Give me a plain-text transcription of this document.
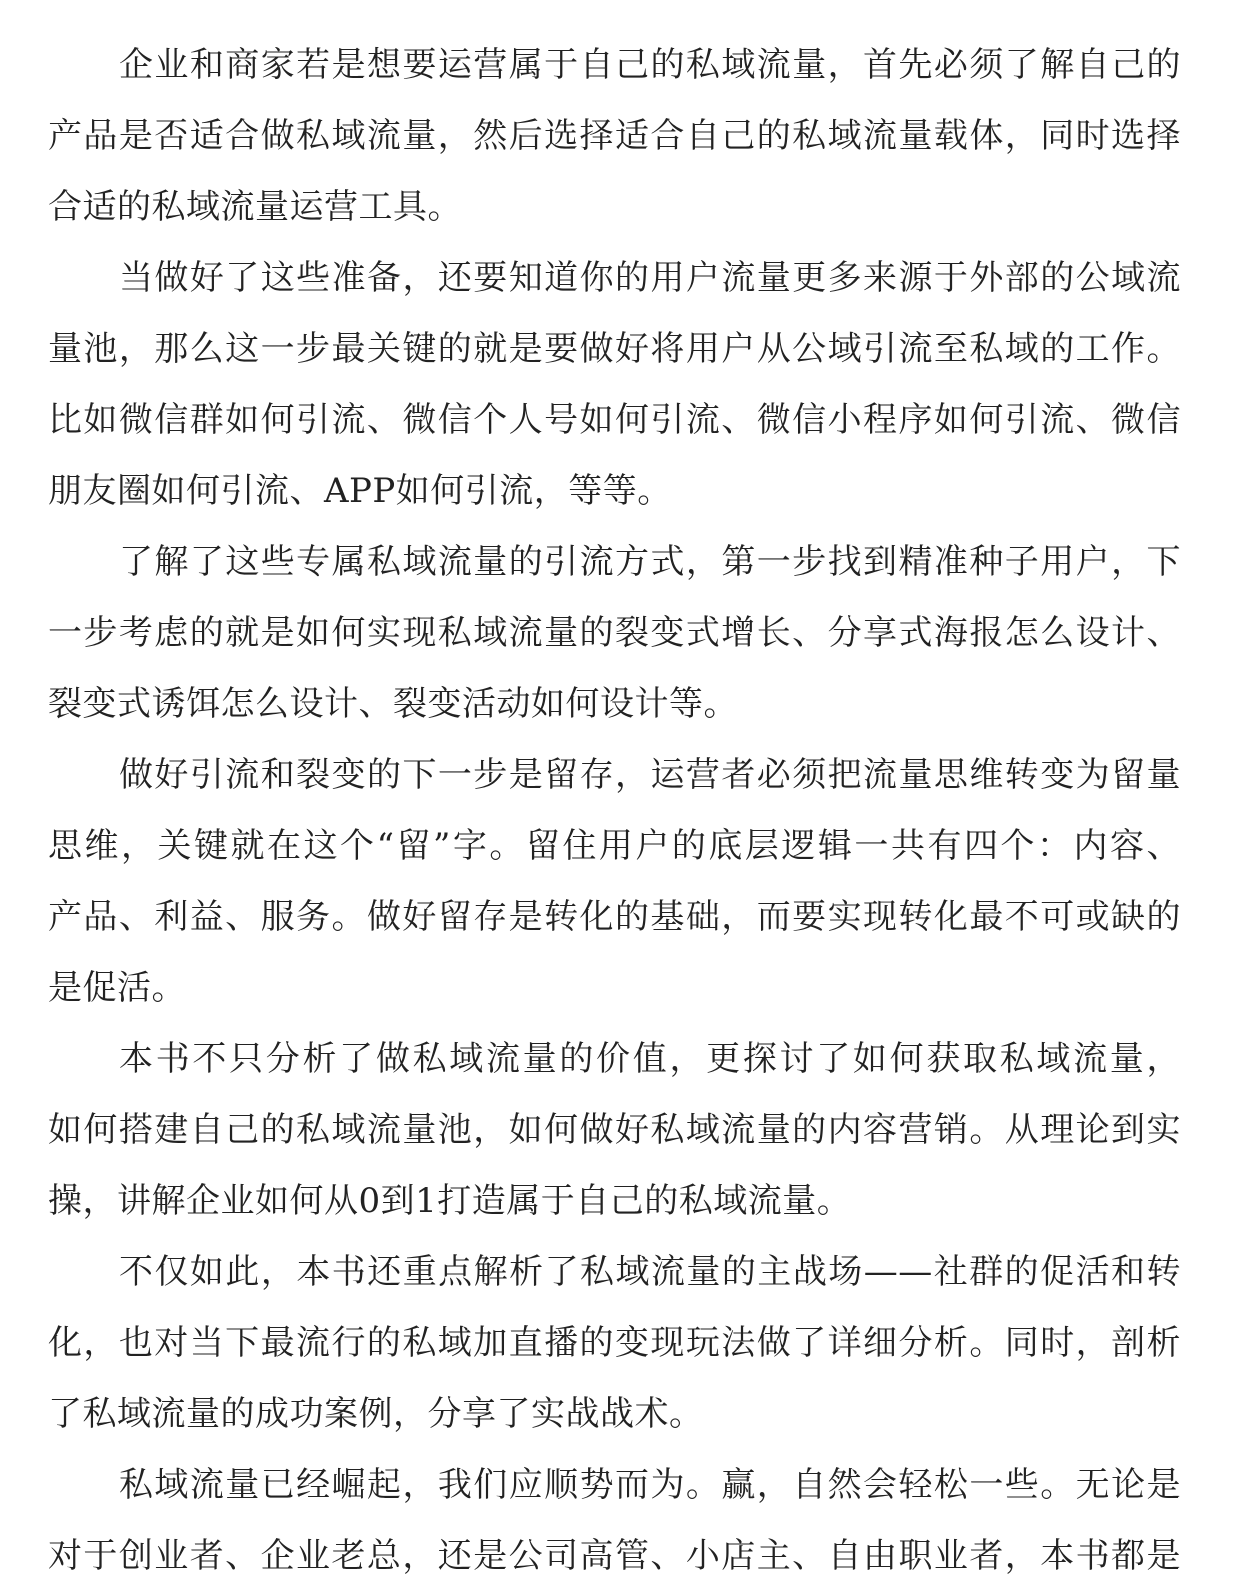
企业和商家若是想要运营属于自己的私域流量，首先必须了解自己的
产品是否适合做私域流量，然后选择适合自己的私域流量载体，同时选择
合适的私域流量运营工具。
当做好了这些准备，还要知道你的用户流量更多来源于外部的公域流
量池，那么这一步最关键的就是要做好将用户从公域引流至私域的工作。
比如微信群如何引流、微信个人号如何引流、微信小程序如何引流、微信
朋友圈如何引流、APP如何引流，等等。
了解了这些专属私域流量的引流方式，第一步找到精准种子用户，下
一步考虑的就是如何实现私域流量的裂变式增长、分享式海报怎么设计、
裂变式诱饵怎么设计、裂变活动如何设计等。
做好引流和裂变的下一步是留存，运营者必须把流量思维转变为留量
思维，关键就在这个“留”字。留住用户的底层逻辑一共有四个：内容、
产品、利益、服务。做好留存是转化的基础，而要实现转化最不可或缺的
是促活。
本书不只分析了做私域流量的价值，更探讨了如何获取私域流量，
如何搭建自己的私域流量池，如何做好私域流量的内容营销。从理论到实
操，讲解企业如何从0到1打造属于自己的私域流量。
不仅如此，本书还重点解析了私域流量的主战场——社群的促活和转
化，也对当下最流行的私域加直播的变现玩法做了详细分析。同时，剖析
了私域流量的成功案例，分享了实战战术。
私域流量已经崛起，我们应顺势而为。赢，自然会轻松一些。无论是
对于创业者、企业老总，还是公司高管、小店主、自由职业者，本书都是
